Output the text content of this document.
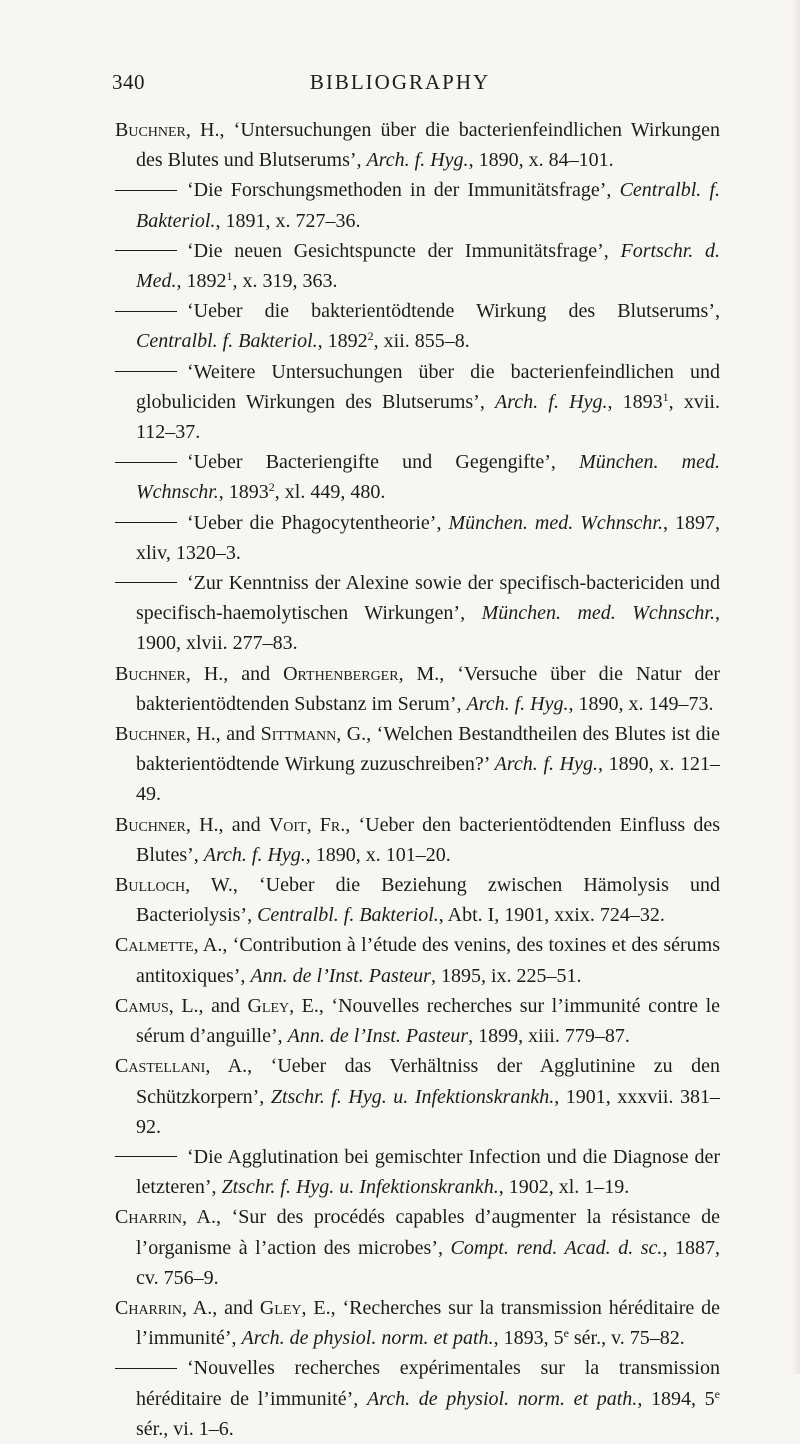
340	BIBLIOGRAPHY
Buchner, H., ‘Untersuchungen über die bacterienfeindlichen Wirkungen des Blutes und Blutserums’, Arch. f. Hyg., 1890, x. 84–101.
‘Die Forschungsmethoden in der Immunitätsfrage’, Centralbl. f. Bakteriol., 1891, x. 727–36.
‘Die neuen Gesichtspuncte der Immunitätsfrage’, Fortschr. d. Med., 1892$^1$, x. 319, 363.
‘Ueber die bakterientödtende Wirkung des Blutserums’, Centralbl. f. Bakteriol., 1892$^2$, xii. 855–8.
‘Weitere Untersuchungen über die bacterienfeindlichen und globuliciden Wirkungen des Blutserums’, Arch. f. Hyg., 1893$^1$, xvii. 112–37.
‘Ueber Bacteriengifte und Gegengifte’, München. med. Wchnschr., 1893$^2$, xl. 449, 480.
‘Ueber die Phagocytentheorie’, München. med. Wchnschr., 1897, xliv, 1320–3.
‘Zur Kenntniss der Alexine sowie der specifisch-bactericiden und specifisch-haemolytischen Wirkungen’, München. med. Wchnschr., 1900, xlvii. 277–83.
Buchner, H., and Orthenberger, M., ‘Versuche über die Natur der bakterientödtenden Substanz im Serum’, Arch. f. Hyg., 1890, x. 149–73.
Buchner, H., and Sittmann, G., ‘Welchen Bestandtheilen des Blutes ist die bakterientödtende Wirkung zuzuschreiben?’ Arch. f. Hyg., 1890, x. 121–49.
Buchner, H., and Voit, Fr., ‘Ueber den bacterientödtenden Einfluss des Blutes’, Arch. f. Hyg., 1890, x. 101–20.
Bulloch, W., ‘Ueber die Beziehung zwischen Hämolysis und Bacteriolysis’, Centralbl. f. Bakteriol., Abt. I, 1901, xxix. 724–32.
Calmette, A., ‘Contribution à l’étude des venins, des toxines et des sérums antitoxiques’, Ann. de l’Inst. Pasteur, 1895, ix. 225–51.
Camus, L., and Gley, E., ‘Nouvelles recherches sur l’immunité contre le sérum d’anguille’, Ann. de l’Inst. Pasteur, 1899, xiii. 779–87.
Castellani, A., ‘Ueber das Verhältniss der Agglutinine zu den Schützkorpern’, Ztschr. f. Hyg. u. Infektionskrankh., 1901, xxxvii. 381–92.
‘Die Agglutination bei gemischter Infection und die Diagnose der letzteren’, Ztschr. f. Hyg. u. Infektionskrankh., 1902, xl. 1–19.
Charrin, A., ‘Sur des procédés capables d’augmenter la résistance de l’organisme à l’action des microbes’, Compt. rend. Acad. d. sc., 1887, cv. 756–9.
Charrin, A., and Gley, E., ‘Recherches sur la transmission héréditaire de l’immunité’, Arch. de physiol. norm. et path., 1893, 5e sér., v. 75–82.
‘Nouvelles recherches expérimentales sur la transmission héréditaire de l’immunité’, Arch. de physiol. norm. et path., 1894, 5e sér., vi. 1–6.
